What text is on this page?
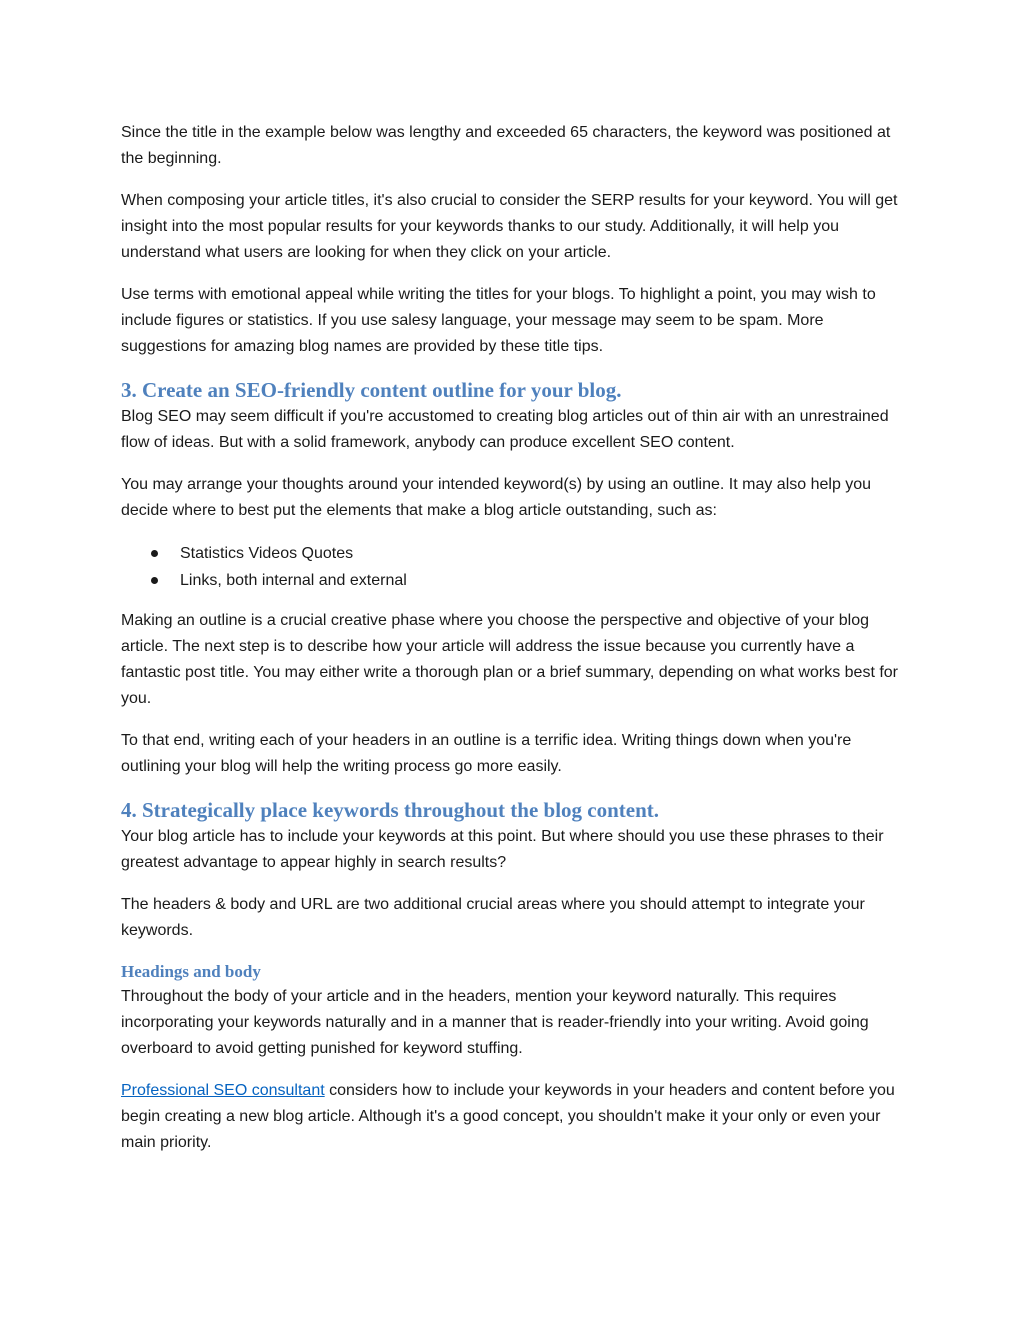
Since the title in the example below was lengthy and exceeded 65 characters, the keyword was positioned at the beginning.

When composing your article titles, it's also crucial to consider the SERP results for your keyword. You will get insight into the most popular results for your keywords thanks to our study. Additionally, it will help you understand what users are looking for when they click on your article.

Use terms with emotional appeal while writing the titles for your blogs. To highlight a point, you may wish to include figures or statistics. If you use salesy language, your message may seem to be spam. More suggestions for amazing blog names are provided by these title tips.

3. Create an SEO-friendly content outline for your blog.

Blog SEO may seem difficult if you're accustomed to creating blog articles out of thin air with an unrestrained flow of ideas. But with a solid framework, anybody can produce excellent SEO content.

You may arrange your thoughts around your intended keyword(s) by using an outline. It may also help you decide where to best put the elements that make a blog article outstanding, such as:

Statistics Videos Quotes
Links, both internal and external

Making an outline is a crucial creative phase where you choose the perspective and objective of your blog article. The next step is to describe how your article will address the issue because you currently have a fantastic post title. You may either write a thorough plan or a brief summary, depending on what works best for you.

To that end, writing each of your headers in an outline is a terrific idea. Writing things down when you're outlining your blog will help the writing process go more easily.

4. Strategically place keywords throughout the blog content.

Your blog article has to include your keywords at this point. But where should you use these phrases to their greatest advantage to appear highly in search results?

The headers & body and URL are two additional crucial areas where you should attempt to integrate your keywords.

Headings and body

Throughout the body of your article and in the headers, mention your keyword naturally. This requires incorporating your keywords naturally and in a manner that is reader-friendly into your writing. Avoid going overboard to avoid getting punished for keyword stuffing.

Professional SEO consultant considers how to include your keywords in your headers and content before you begin creating a new blog article. Although it's a good concept, you shouldn't make it your only or even your main priority.
